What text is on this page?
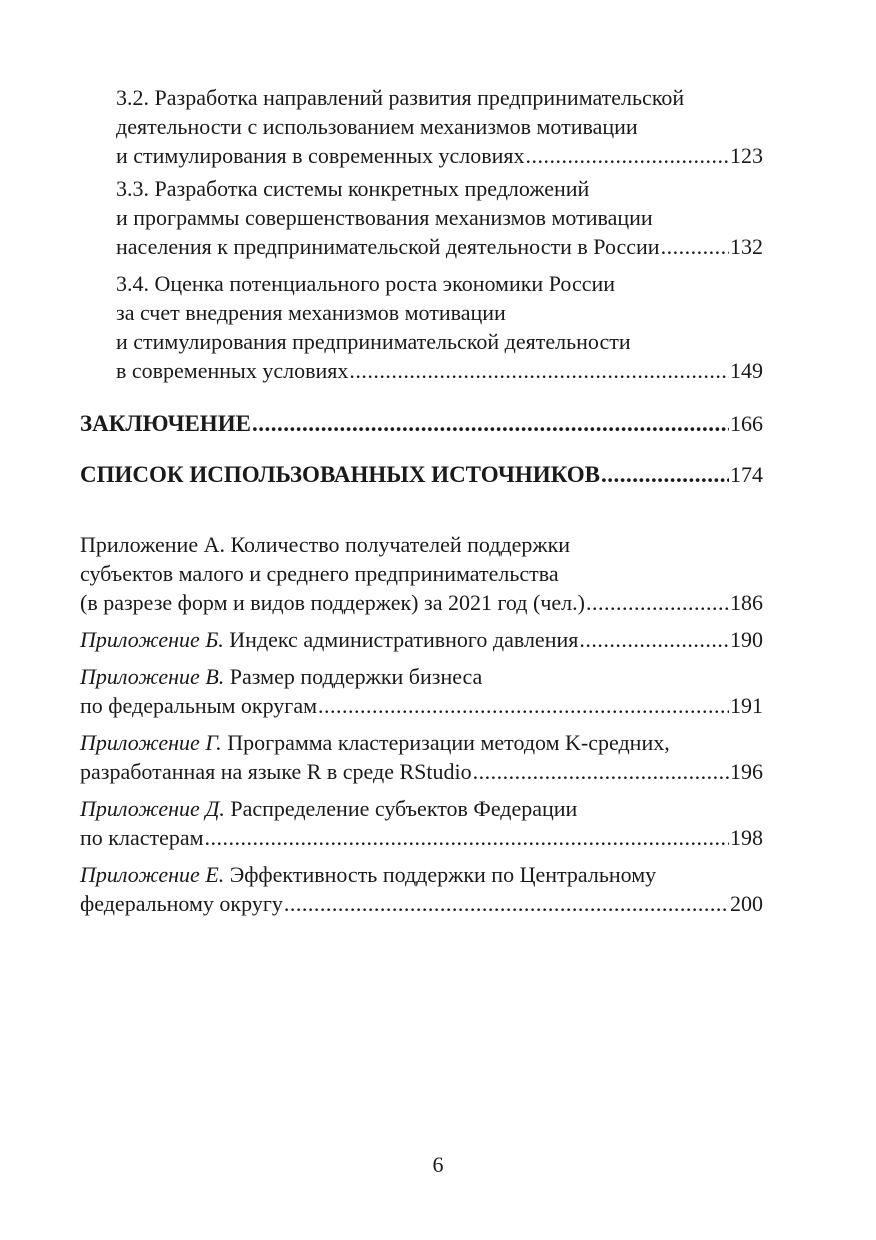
3.2. Разработка направлений развития предпринимательской
деятельности с использованием механизмов мотивации
и стимулирования в современных условиях .....	123
3.3. Разработка системы конкретных предложений
и программы совершенствования механизмов мотивации
населения к предпринимательской деятельности в России .....	132
3.4. Оценка потенциального роста экономики России
за счет внедрения механизмов мотивации
и стимулирования предпринимательской деятельности
в современных условиях .....	149
ЗАКЛЮЧЕНИЕ .....	166
СПИСОК ИСПОЛЬЗОВАННЫХ ИСТОЧНИКОВ .....	174
Приложение А. Количество получателей поддержки
субъектов малого и среднего предпринимательства
(в разрезе форм и видов поддержек) за 2021 год (чел.) .....	186
Приложение Б. Индекс административного давления .....	190
Приложение В. Размер поддержки бизнеса
по федеральным округам .....	191
Приложение Г. Программа кластеризации методом K-средних,
разработанная на языке R в среде RStudio .....	196
Приложение Д. Распределение субъектов Федерации
по кластерам .....	198
Приложение Е. Эффективность поддержки по Центральному
федеральному округу .....	200
6
